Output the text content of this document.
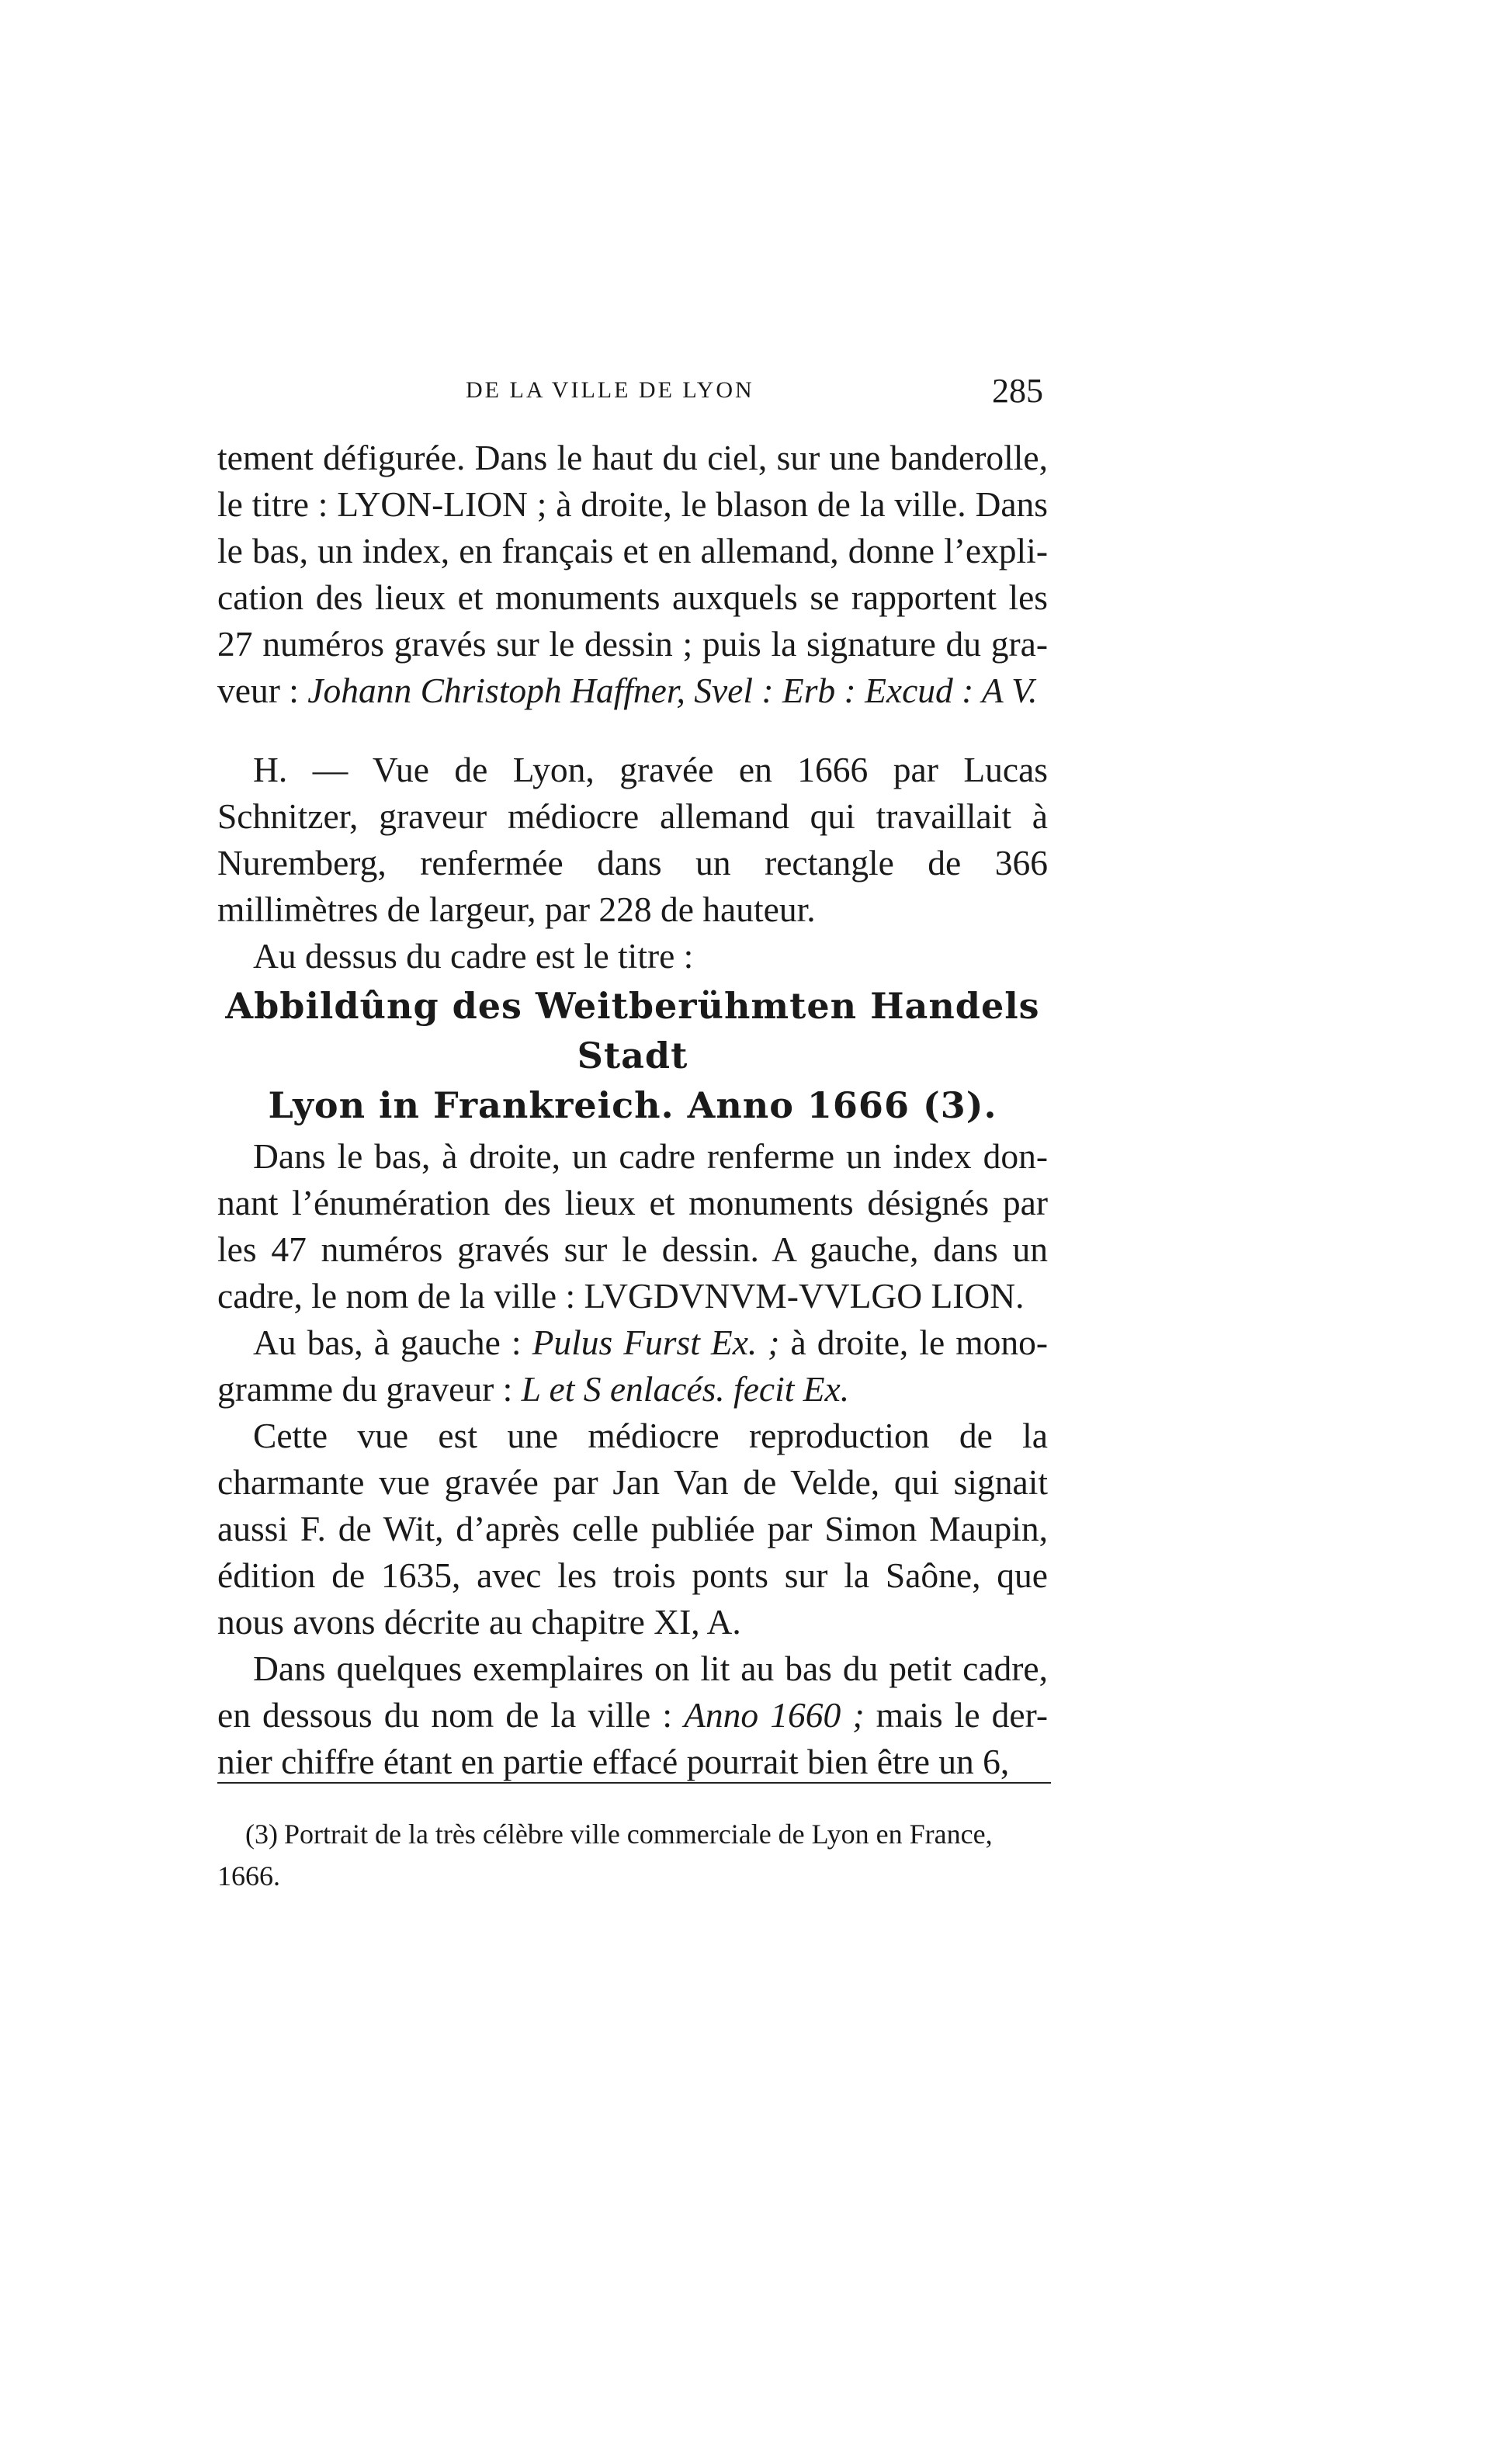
DE LA VILLE DE LYON	285

tement défigurée. Dans le haut du ciel, sur une banderolle, le titre : LYON-LION ; à droite, le blason de la ville. Dans le bas, un index, en français et en allemand, donne l’expli-cation des lieux et monuments auxquels se rapportent les 27 numéros gravés sur le dessin ; puis la signature du gra-veur : Johann Christoph Haffner, Svel : Erb : Excud : A V.

H. — Vue de Lyon, gravée en 1666 par Lucas Schnitzer, graveur médiocre allemand qui travaillait à Nuremberg, renfermée dans un rectangle de 366 millimètres de largeur, par 228 de hauteur.

Au dessus du cadre est le titre :

Abbildûng des Weitberühmten Handels Stadt
Lyon in Frankreich. Anno 1666 (3).

Dans le bas, à droite, un cadre renferme un index don-nant l’énumération des lieux et monuments désignés par les 47 numéros gravés sur le dessin. A gauche, dans un cadre, le nom de la ville : LVGDVNVM-VVLGO LION.

Au bas, à gauche : Pulus Furst Ex. ; à droite, le mono-gramme du graveur : L et S enlacés. fecit Ex.

Cette vue est une médiocre reproduction de la charmante vue gravée par Jan Van de Velde, qui signait aussi F. de Wit, d’après celle publiée par Simon Maupin, édition de 1635, avec les trois ponts sur la Saône, que nous avons décrite au chapitre XI, A.

Dans quelques exemplaires on lit au bas du petit cadre, en dessous du nom de la ville : Anno 1660 ; mais le der-nier chiffre étant en partie effacé pourrait bien être un 6,

(3) Portrait de la très célèbre ville commerciale de Lyon en France, 1666.
